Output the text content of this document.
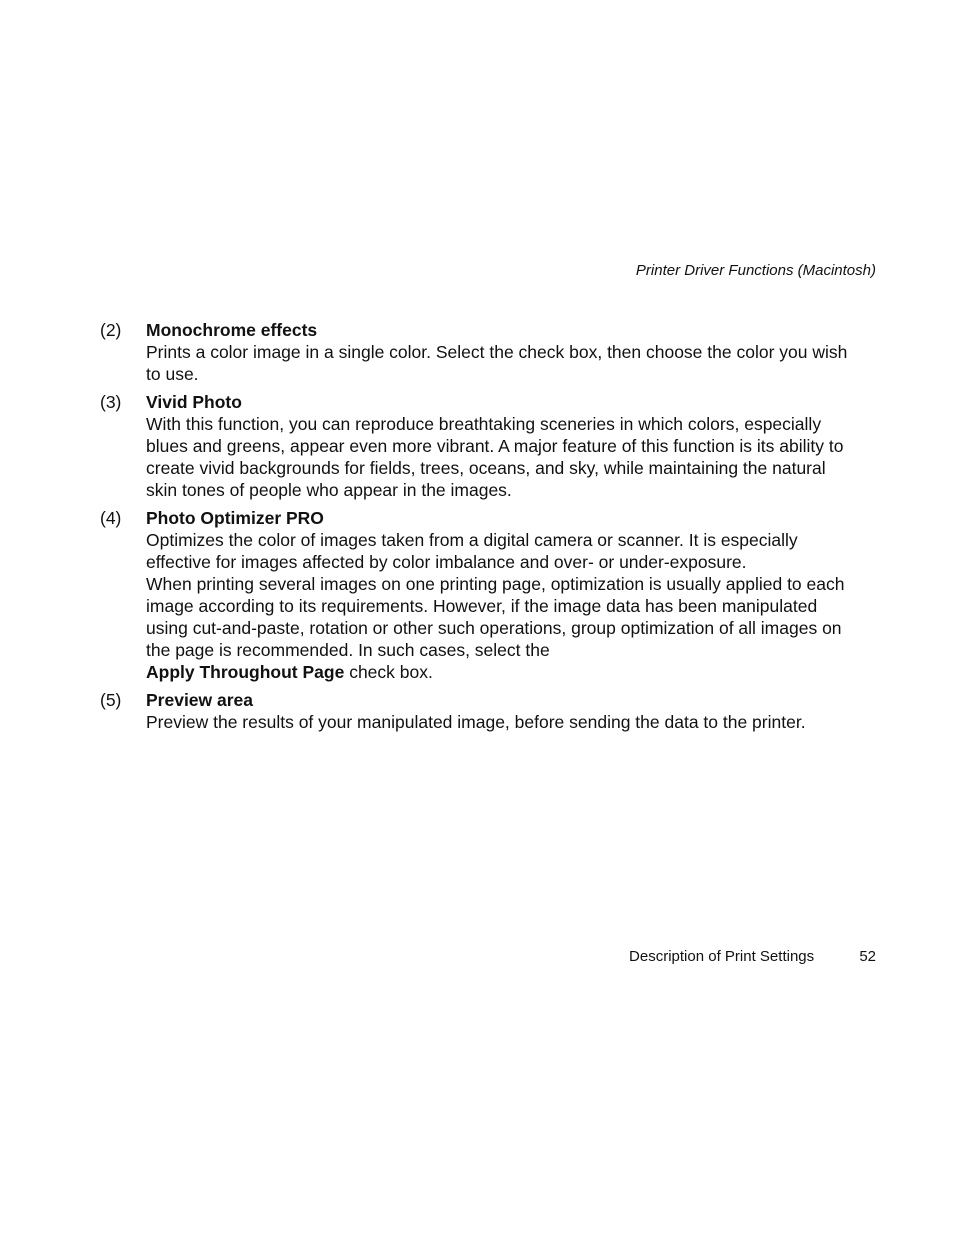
Printer Driver Functions (Macintosh)
(2) Monochrome effects

Prints a color image in a single color. Select the check box, then choose the color you wish to use.

(3) Vivid Photo

With this function, you can reproduce breathtaking sceneries in which colors, especially blues and greens, appear even more vibrant. A major feature of this function is its ability to create vivid backgrounds for fields, trees, oceans, and sky, while maintaining the natural skin tones of people who appear in the images.

(4) Photo Optimizer PRO

Optimizes the color of images taken from a digital camera or scanner. It is especially effective for images affected by color imbalance and over- or under-exposure.

When printing several images on one printing page, optimization is usually applied to each image according to its requirements. However, if the image data has been manipulated using cut-and-paste, rotation or other such operations, group optimization of all images on the page is recommended. In such cases, select the
Apply Throughout Page check box.

(5) Preview area

Preview the results of your manipulated image, before sending the data to the printer.

Description of Print Settings	52
